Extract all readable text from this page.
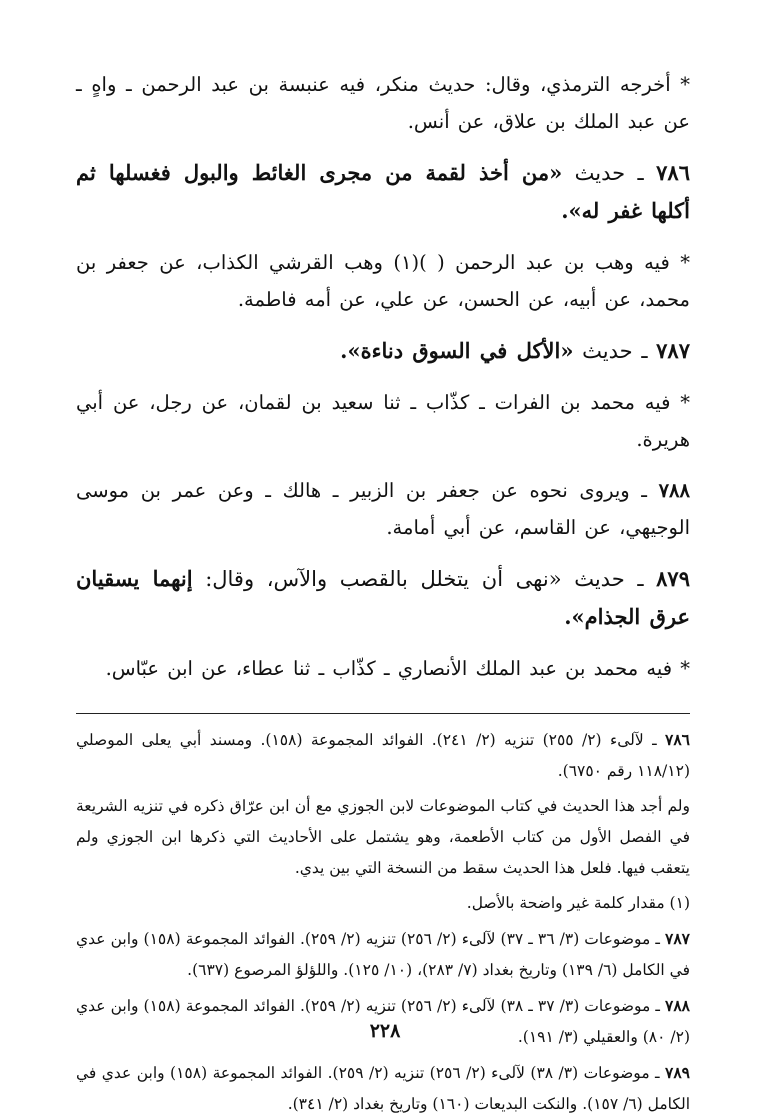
* أخرجه الترمذي، وقال: حديث منكر، فيه عنبسة بن عبد الرحمن ـ واهٍ ـ عن عبد الملك بن علاق، عن أنس.

٧٨٦ ـ حديث «من أخذ لقمة من مجرى الغائط والبول فغسلها ثم أكلها غفر له».

* فيه وهب بن عبد الرحمن ( )(١) وهب القرشي الكذاب، عن جعفر بن محمد، عن أبيه، عن الحسن، عن علي، عن أمه فاطمة.

٧٨٧ ـ حديث «الأكل في السوق دناءة».

* فيه محمد بن الفرات ـ كذّاب ـ ثنا سعيد بن لقمان، عن رجل، عن أبي هريرة.

٧٨٨ ـ ويروى نحوه عن جعفر بن الزبير ـ هالك ـ وعن عمر بن موسى الوجيهي، عن القاسم، عن أبي أمامة.

٨٧٩ ـ حديث «نهى أن يتخلل بالقصب والآس، وقال: إنهما يسقيان عرق الجذام».

* فيه محمد بن عبد الملك الأنصاري ـ كذّاب ـ ثنا عطاء، عن ابن عبّاس.

٧٨٦ ـ لآلىء (٢/ ٢٥٥) تنزيه (٢/ ٢٤١). الفوائد المجموعة (١٥٨). ومسند أبي يعلى الموصلي (١١٨/١٢ رقم ٦٧٥٠).

ولم أجد هذا الحديث في كتاب الموضوعات لابن الجوزي مع أن ابن عرّاق ذكره في تنزيه الشريعة في الفصل الأول من كتاب الأطعمة، وهو يشتمل على الأحاديث التي ذكرها ابن الجوزي ولم يتعقب فيها. فلعل هذا الحديث سقط من النسخة التي بين يدي.

(١) مقدار كلمة غير واضحة بالأصل.

٧٨٧ ـ موضوعات (٣/ ٣٦ ـ ٣٧) لآلىء (٢/ ٢٥٦) تنزيه (٢/ ٢٥٩). الفوائد المجموعة (١٥٨) وابن عدي في الكامل (٦/ ١٣٩) وتاريخ بغداد (٧/ ٢٨٣)، (١٠/ ١٢٥). واللؤلؤ المرصوع (٦٣٧).

٧٨٨ ـ موضوعات (٣/ ٣٧ ـ ٣٨) لآلىء (٢/ ٢٥٦) تنزيه (٢/ ٢٥٩). الفوائد المجموعة (١٥٨) وابن عدي (٢/ ٨٠) والعقيلي (٣/ ١٩١).

٧٨٩ ـ موضوعات (٣/ ٣٨) لآلىء (٢/ ٢٥٦) تنزيه (٢/ ٢٥٩). الفوائد المجموعة (١٥٨) وابن عدي في الكامل (٦/ ١٥٧). والنكت البديعات (١٦٠) وتاريخ بغداد (٢/ ٣٤١).

٢٢٨
